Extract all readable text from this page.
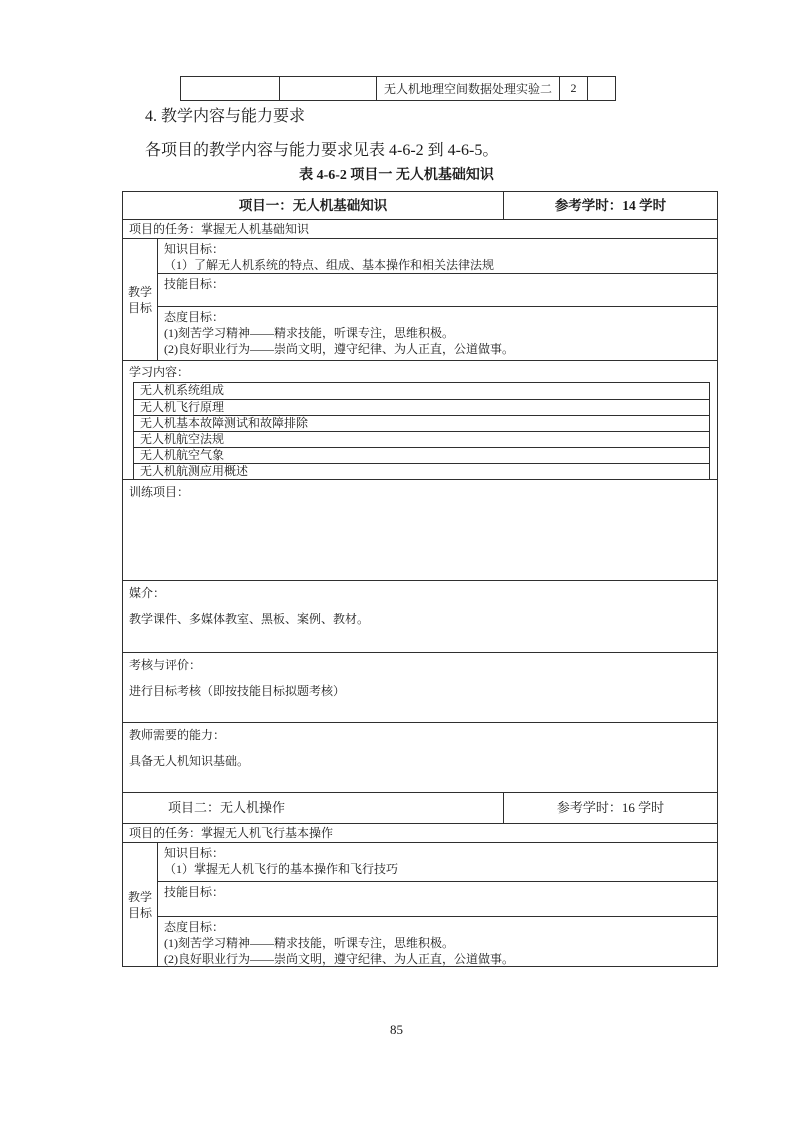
无人机地理空间数据处理实验二	2
4. 教学内容与能力要求
各项目的教学内容与能力要求见表 4-6-2 到 4-6-5。
表 4-6-2 项目一 无人机基础知识
项目一：无人机基础知识	参考学时：14 学时
项目的任务：掌握无人机基础知识
教学目标
知识目标：
（1）了解无人机系统的特点、组成、基本操作和相关法律法规
技能目标：
态度目标：
(1)刻苦学习精神——精求技能，听课专注，思维积极。
(2)良好职业行为——崇尚文明，遵守纪律、为人正直，公道做事。
学习内容：
无人机系统组成
无人机飞行原理
无人机基本故障测试和故障排除
无人机航空法规
无人机航空气象
无人机航测应用概述
训练项目：
媒介：
教学课件、多媒体教室、黑板、案例、教材。
考核与评价：
进行目标考核（即按技能目标拟题考核）
教师需要的能力：
具备无人机知识基础。
项目二：无人机操作	参考学时：16 学时
项目的任务：掌握无人机飞行基本操作
教学目标
知识目标：
（1）掌握无人机飞行的基本操作和飞行技巧
技能目标：
态度目标：
(1)刻苦学习精神——精求技能，听课专注，思维积极。
(2)良好职业行为——崇尚文明，遵守纪律、为人正直，公道做事。
85
